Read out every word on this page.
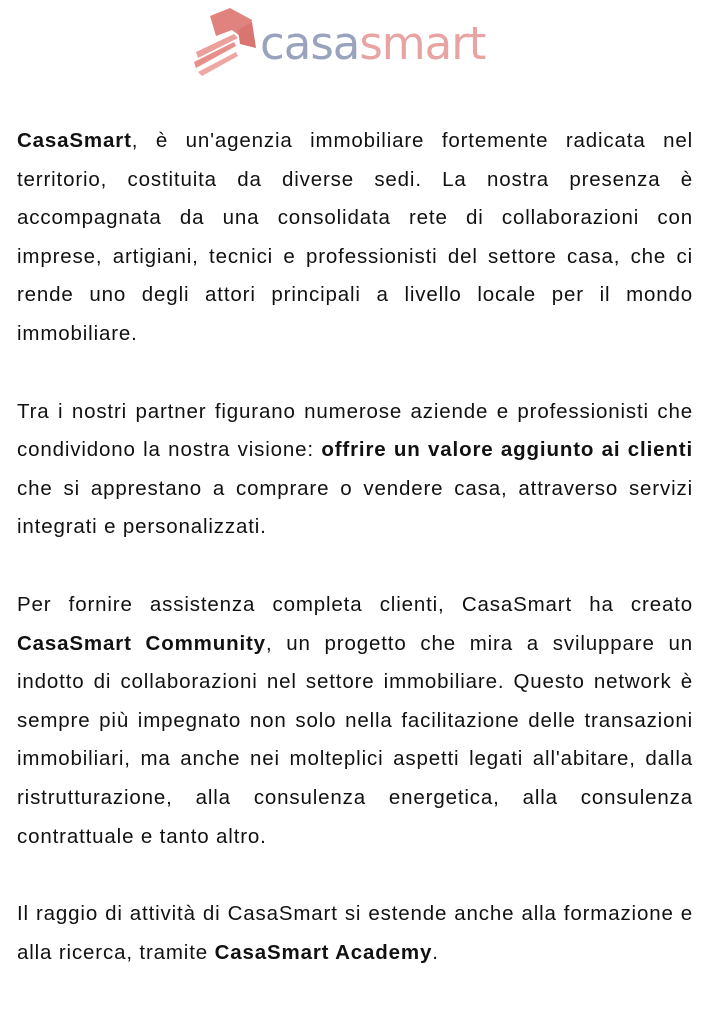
casasmart

CasaSmart, è un'agenzia immobiliare fortemente radicata nel territorio, costituita da diverse sedi. La nostra presenza è accompagnata da una consolidata rete di collaborazioni con imprese, artigiani, tecnici e professionisti del settore casa, che ci rende uno degli attori principali a livello locale per il mondo immobiliare.

Tra i nostri partner figurano numerose aziende e professionisti che condividono la nostra visione: offrire un valore aggiunto ai clienti che si apprestano a comprare o vendere casa, attraverso servizi integrati e personalizzati.

Per fornire assistenza completa clienti, CasaSmart ha creato CasaSmart Community, un progetto che mira a sviluppare un indotto di collaborazioni nel settore immobiliare. Questo network è sempre più impegnato non solo nella facilitazione delle transazioni immobiliari, ma anche nei molteplici aspetti legati all'abitare, dalla ristrutturazione, alla consulenza energetica, alla consulenza contrattuale e tanto altro.

Il raggio di attività di CasaSmart si estende anche alla formazione e alla ricerca, tramite CasaSmart Academy.
